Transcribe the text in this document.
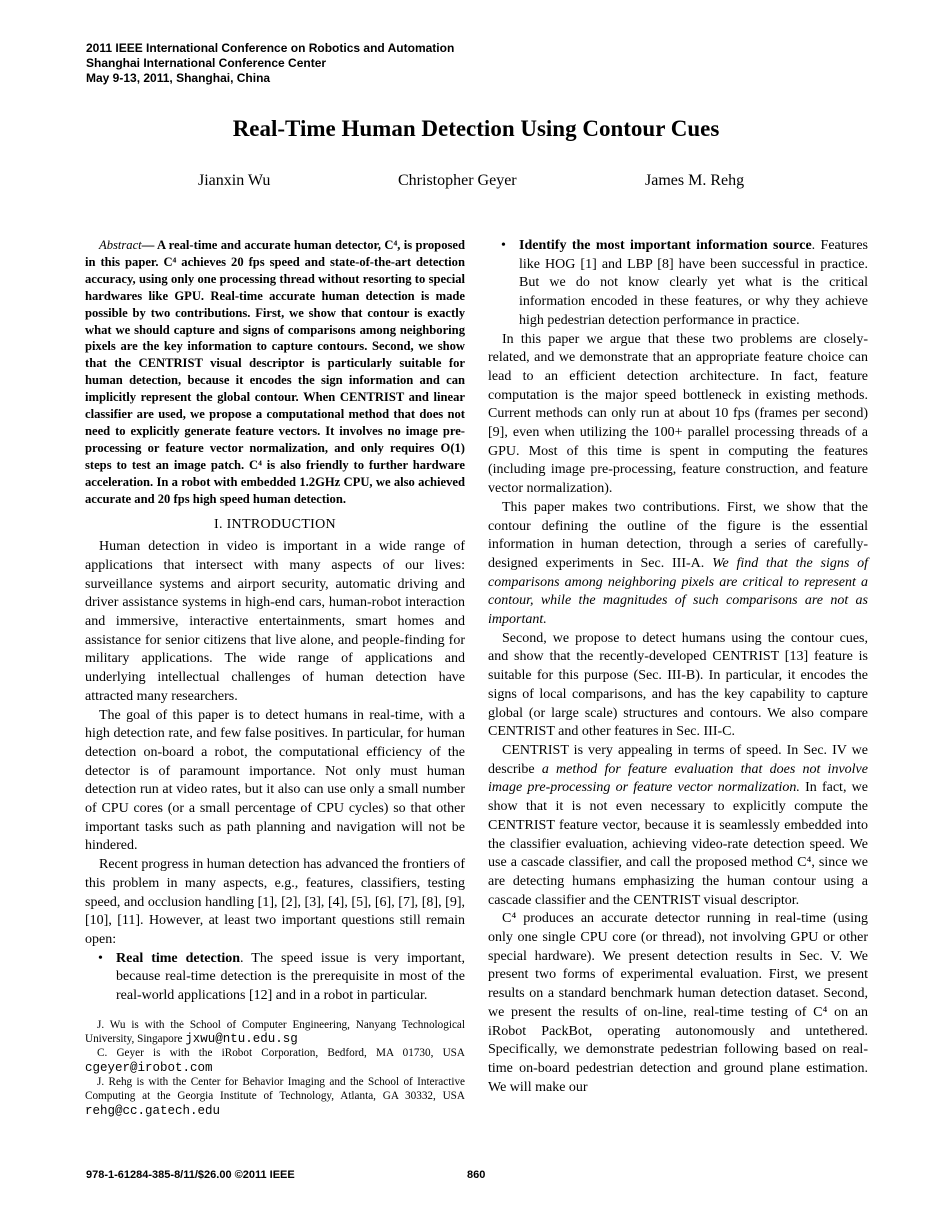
2011 IEEE International Conference on Robotics and Automation
Shanghai International Conference Center
May 9-13, 2011, Shanghai, China
Real-Time Human Detection Using Contour Cues
Jianxin Wu	Christopher Geyer	James M. Rehg

Abstract— A real-time and accurate human detector, C⁴, is proposed in this paper. C⁴ achieves 20 fps speed and state-of-the-art detection accuracy, using only one processing thread without resorting to special hardwares like GPU. Real-time accurate human detection is made possible by two contributions. First, we show that contour is exactly what we should capture and signs of comparisons among neighboring pixels are the key information to capture contours. Second, we show that the CENTRIST visual descriptor is particularly suitable for human detection, because it encodes the sign information and can implicitly represent the global contour. When CENTRIST and linear classifier are used, we propose a computational method that does not need to explicitly generate feature vectors. It involves no image pre-processing or feature vector normalization, and only requires O(1) steps to test an image patch. C⁴ is also friendly to further hardware acceleration. In a robot with embedded 1.2GHz CPU, we also achieved accurate and 20 fps high speed human detection.

I. INTRODUCTION

Human detection in video is important in a wide range of applications that intersect with many aspects of our lives: surveillance systems and airport security, automatic driving and driver assistance systems in high-end cars, human-robot interaction and immersive, interactive entertainments, smart homes and assistance for senior citizens that live alone, and people-finding for military applications. The wide range of applications and underlying intellectual challenges of human detection have attracted many researchers.

The goal of this paper is to detect humans in real-time, with a high detection rate, and few false positives. In particular, for human detection on-board a robot, the computational efficiency of the detector is of paramount importance. Not only must human detection run at video rates, but it also can use only a small number of CPU cores (or a small percentage of CPU cycles) so that other important tasks such as path planning and navigation will not be hindered.

Recent progress in human detection has advanced the frontiers of this problem in many aspects, e.g., features, classifiers, testing speed, and occlusion handling [1], [2], [3], [4], [5], [6], [7], [8], [9], [10], [11]. However, at least two important questions still remain open:

• Real time detection. The speed issue is very important, because real-time detection is the prerequisite in most of the real-world applications [12] and in a robot in particular.

J. Wu is with the School of Computer Engineering, Nanyang Technological University, Singapore jxwu@ntu.edu.sg

C. Geyer is with the iRobot Corporation, Bedford, MA 01730, USA cgeyer@irobot.com

J. Rehg is with the Center for Behavior Imaging and the School of Interactive Computing at the Georgia Institute of Technology, Atlanta, GA 30332, USA rehg@cc.gatech.edu

• Identify the most important information source. Features like HOG [1] and LBP [8] have been successful in practice. But we do not know clearly yet what is the critical information encoded in these features, or why they achieve high pedestrian detection performance in practice.

In this paper we argue that these two problems are closely-related, and we demonstrate that an appropriate feature choice can lead to an efficient detection architecture. In fact, feature computation is the major speed bottleneck in existing methods. Current methods can only run at about 10 fps (frames per second) [9], even when utilizing the 100+ parallel processing threads of a GPU. Most of this time is spent in computing the features (including image pre-processing, feature construction, and feature vector normalization).

This paper makes two contributions. First, we show that the contour defining the outline of the figure is the essential information in human detection, through a series of carefully-designed experiments in Sec. III-A. We find that the signs of comparisons among neighboring pixels are critical to represent a contour, while the magnitudes of such comparisons are not as important.

Second, we propose to detect humans using the contour cues, and show that the recently-developed CENTRIST [13] feature is suitable for this purpose (Sec. III-B). In particular, it encodes the signs of local comparisons, and has the key capability to capture global (or large scale) structures and contours. We also compare CENTRIST and other features in Sec. III-C.

CENTRIST is very appealing in terms of speed. In Sec. IV we describe a method for feature evaluation that does not involve image pre-processing or feature vector normalization. In fact, we show that it is not even necessary to explicitly compute the CENTRIST feature vector, because it is seamlessly embedded into the classifier evaluation, achieving video-rate detection speed. We use a cascade classifier, and call the proposed method C⁴, since we are detecting humans emphasizing the human contour using a cascade classifier and the CENTRIST visual descriptor.

C⁴ produces an accurate detector running in real-time (using only one single CPU core (or thread), not involving GPU or other special hardware). We present detection results in Sec. V. We present two forms of experimental evaluation. First, we present results on a standard benchmark human detection dataset. Second, we present the results of on-line, real-time testing of C⁴ on an iRobot PackBot, operating autonomously and untethered. Specifically, we demonstrate pedestrian following based on real-time on-board pedestrian detection and ground plane estimation. We will make our

978-1-61284-385-8/11/$26.00 ©2011 IEEE	860
